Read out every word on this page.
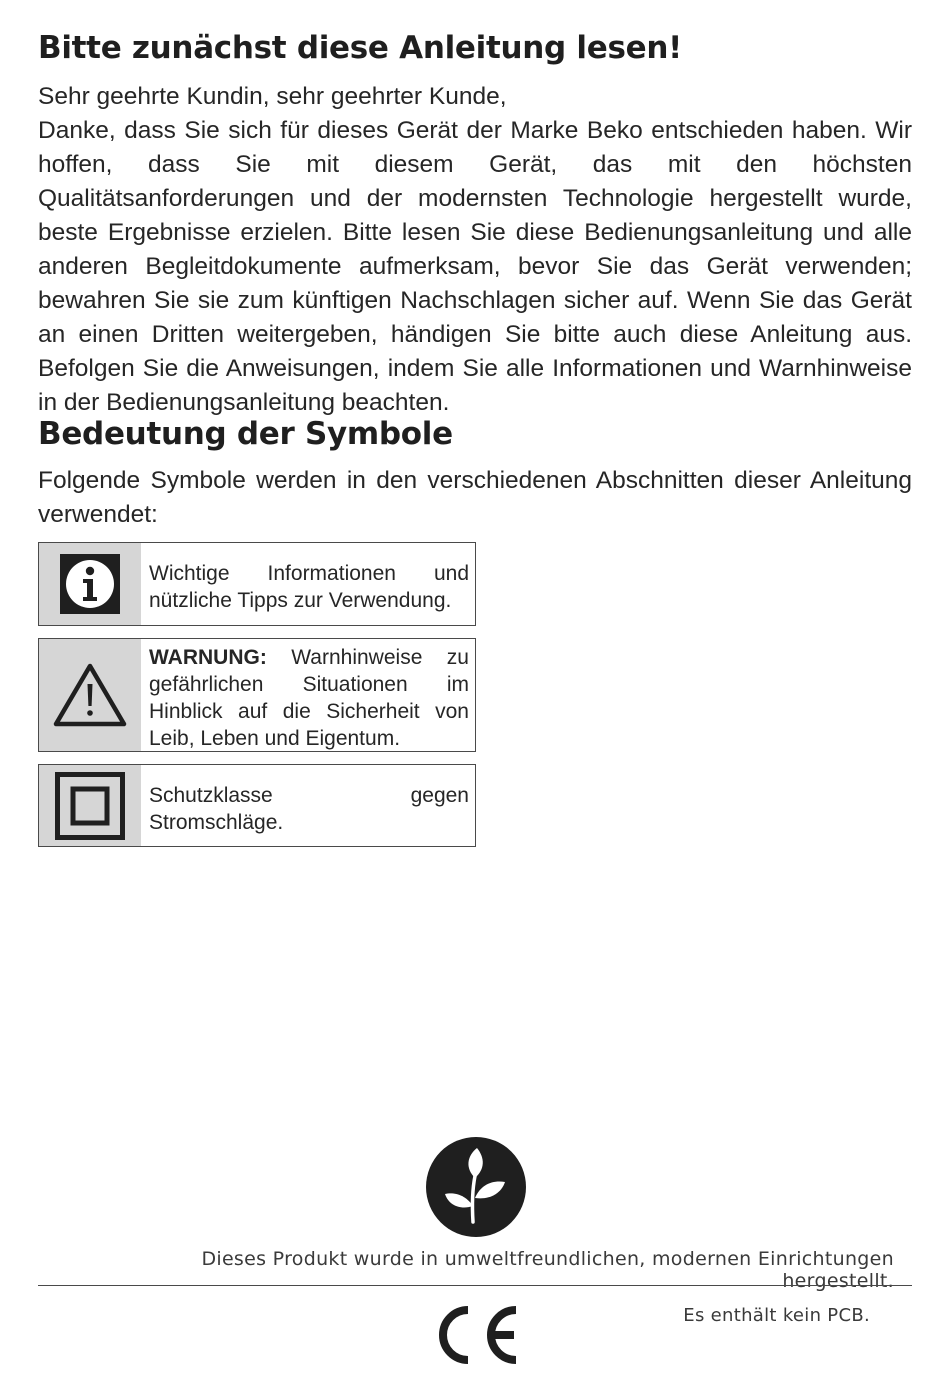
Bitte zunächst diese Anleitung lesen!

Sehr geehrte Kundin, sehr geehrter Kunde,

Danke, dass Sie sich für dieses Gerät der Marke Beko entschieden haben. Wir hoffen, dass Sie mit diesem Gerät, das mit den höchsten Qualitätsanforderungen und der modernsten Technologie hergestellt wurde, beste Ergebnisse erzielen. Bitte lesen Sie diese Bedienungsanleitung und alle anderen Begleitdokumente aufmerksam, bevor Sie das Gerät verwenden; bewahren Sie sie zum künftigen Nachschlagen sicher auf. Wenn Sie das Gerät an einen Dritten weitergeben, händigen Sie bitte auch diese Anleitung aus. Befolgen Sie die Anweisungen, indem Sie alle Informationen und Warnhinweise in der Bedienungsanleitung beachten.

Bedeutung der Symbole

Folgende Symbole werden in den verschiedenen Abschnitten dieser Anleitung verwendet:

Wichtige Informationen und nützliche Tipps zur Verwendung.
WARNUNG: Warnhinweise zu gefährlichen Situationen im Hinblick auf die Sicherheit von Leib, Leben und Eigentum.
Schutzklasse gegen Stromschläge.
Dieses Produkt wurde in umweltfreundlichen, modernen Einrichtungen hergestellt.
Es enthält kein PCB.
